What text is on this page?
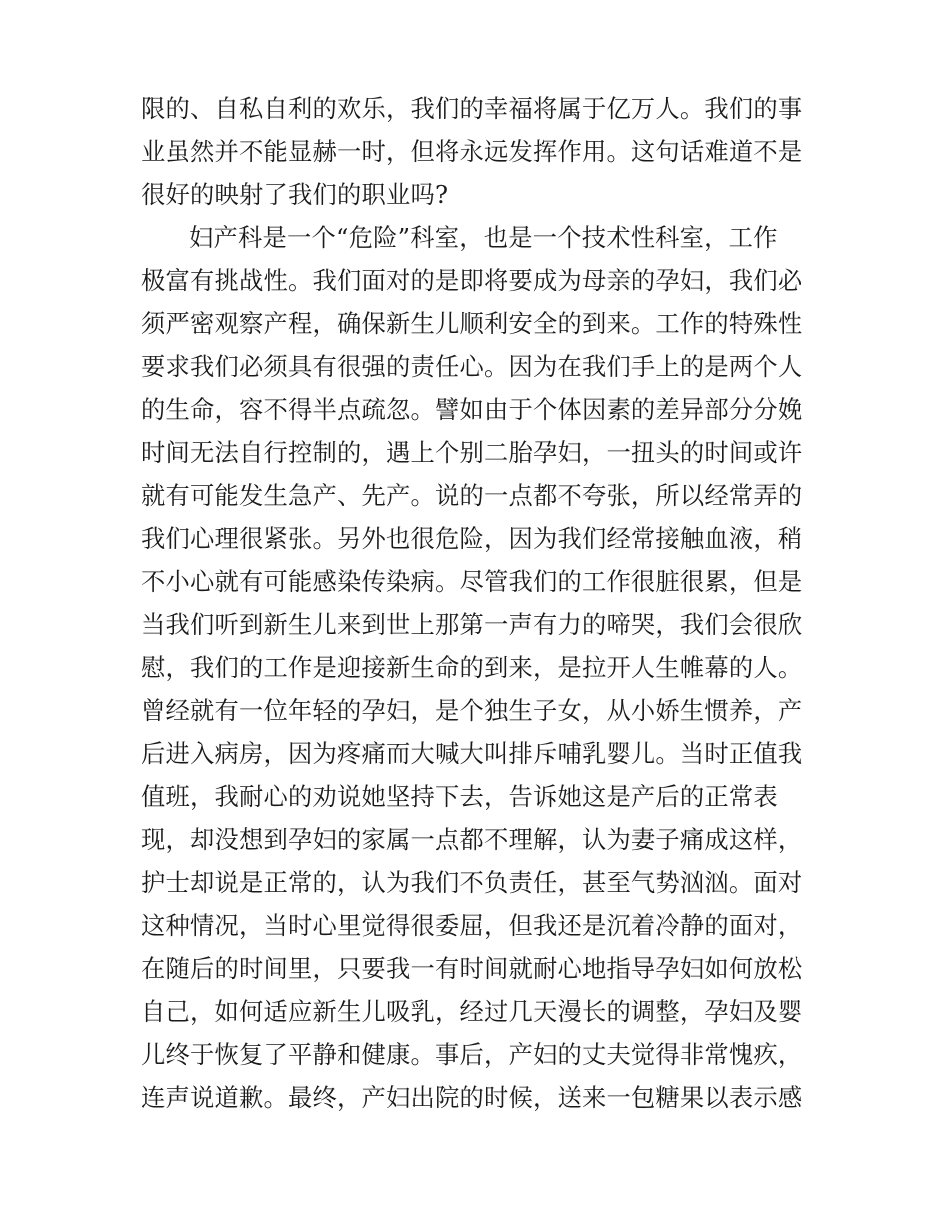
限的、自私自利的欢乐，我们的幸福将属于亿万人。我们的事
业虽然并不能显赫一时，但将永远发挥作用。这句话难道不是
很好的映射了我们的职业吗?
妇产科是一个“危险”科室，也是一个技术性科室，工作
极富有挑战性。我们面对的是即将要成为母亲的孕妇，我们必
须严密观察产程，确保新生儿顺利安全的到来。工作的特殊性
要求我们必须具有很强的责任心。因为在我们手上的是两个人
的生命，容不得半点疏忽。譬如由于个体因素的差异部分分娩
时间无法自行控制的，遇上个别二胎孕妇，一扭头的时间或许
就有可能发生急产、先产。说的一点都不夸张，所以经常弄的
我们心理很紧张。另外也很危险，因为我们经常接触血液，稍
不小心就有可能感染传染病。尽管我们的工作很脏很累，但是
当我们听到新生儿来到世上那第一声有力的啼哭，我们会很欣
慰，我们的工作是迎接新生命的到来，是拉开人生帷幕的人。
曾经就有一位年轻的孕妇，是个独生子女，从小娇生惯养，产
后进入病房，因为疼痛而大喊大叫排斥哺乳婴儿。当时正值我
值班，我耐心的劝说她坚持下去，告诉她这是产后的正常表
现，却没想到孕妇的家属一点都不理解，认为妻子痛成这样，
护士却说是正常的，认为我们不负责任，甚至气势汹汹。面对
这种情况，当时心里觉得很委屈，但我还是沉着冷静的面对，
在随后的时间里，只要我一有时间就耐心地指导孕妇如何放松
自己，如何适应新生儿吸乳，经过几天漫长的调整，孕妇及婴
儿终于恢复了平静和健康。事后，产妇的丈夫觉得非常愧疚，
连声说道歉。最终，产妇出院的时候，送来一包糖果以表示感
